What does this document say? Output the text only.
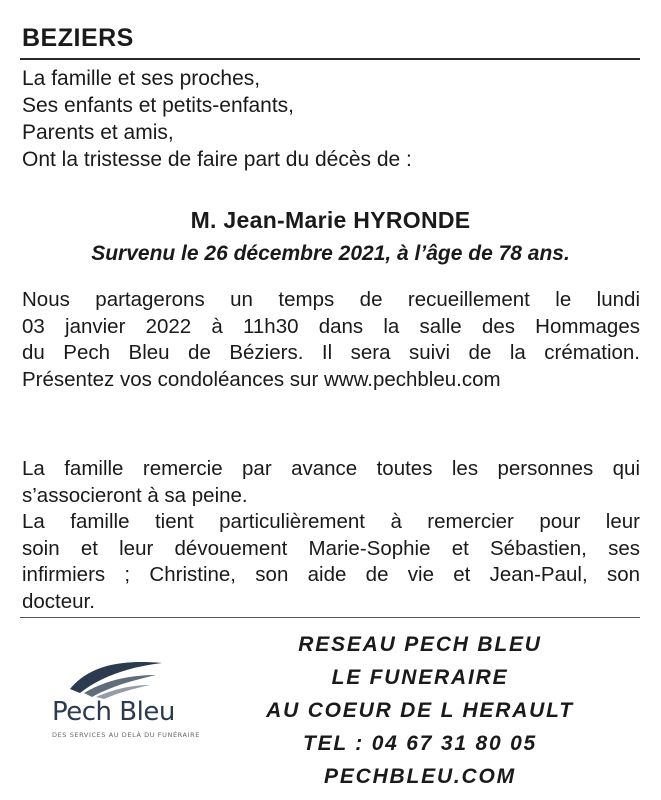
BEZIERS
La famille et ses proches,
Ses enfants et petits-enfants,
Parents et amis,
Ont la tristesse de faire part du décès de :
M. Jean-Marie HYRONDE
Survenu le 26 décembre 2021, à l’âge de 78 ans.
Nous partagerons un temps de recueillement le lundi
03 janvier 2022 à 11h30 dans la salle des Hommages
du Pech Bleu de Béziers. Il sera suivi de la crémation.
Présentez vos condoléances sur www.pechbleu.com
La famille remercie par avance toutes les personnes qui
s’associeront à sa peine.
La famille tient particulièrement à remercier pour leur
soin et leur dévouement Marie-Sophie et Sébastien, ses
infirmiers ; Christine, son aide de vie et Jean-Paul, son
docteur.
Pech Bleu
DES SERVICES AU DELÀ DU FUNÉRAIRE
RESEAU PECH BLEU
LE FUNERAIRE
AU COEUR DE L HERAULT
TEL : 04 67 31 80 05
PECHBLEU.COM
